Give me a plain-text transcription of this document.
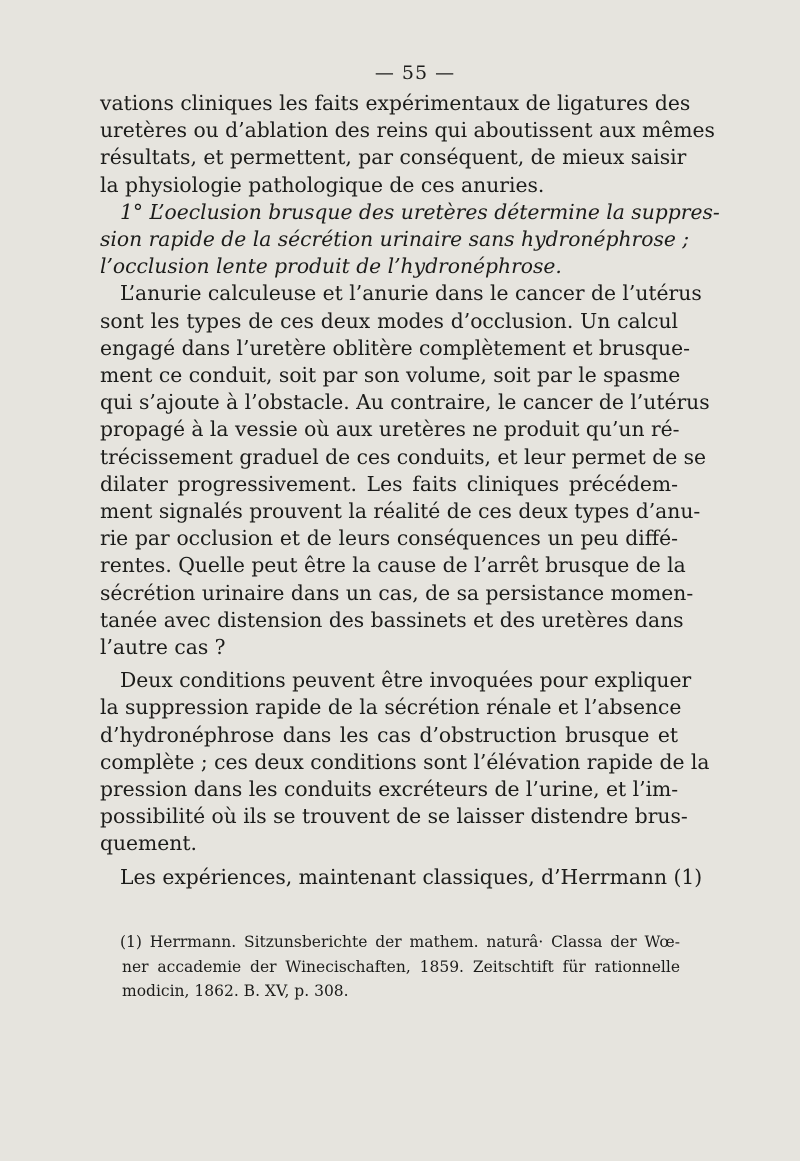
— 55 —
vations cliniques les faits expérimentaux de ligatures des
uretères ou d’ablation des reins qui aboutissent aux mêmes
résultats, et permettent, par conséquent, de mieux saisir
la physiologie pathologique de ces anuries.
1° L’oeclusion brusque des uretères détermine la suppres-
sion rapide de la sécrétion urinaire sans hydronéphrose ;
l’occlusion lente produit de l’hydronéphrose.
L’anurie calculeuse et l’anurie dans le cancer de l’utérus
sont les types de ces deux modes d’occlusion. Un calcul
engagé dans l’uretère oblitère complètement et brusque-
ment ce conduit, soit par son volume, soit par le spasme
qui s’ajoute à l’obstacle. Au contraire, le cancer de l’utérus
propagé à la vessie où aux uretères ne produit qu’un ré-
trécissement graduel de ces conduits, et leur permet de se
dilater progressivement. Les faits cliniques précédem-
ment signalés prouvent la réalité de ces deux types d’anu-
rie par occlusion et de leurs conséquences un peu diffé-
rentes. Quelle peut être la cause de l’arrêt brusque de la
sécrétion urinaire dans un cas, de sa persistance momen-
tanée avec distension des bassinets et des uretères dans
l’autre cas ?
Deux conditions peuvent être invoquées pour expliquer
la suppression rapide de la sécrétion rénale et l’absence
d’hydronéphrose dans les cas d’obstruction brusque et
complète ; ces deux conditions sont l’élévation rapide de la
pression dans les conduits excréteurs de l’urine, et l’im-
possibilité où ils se trouvent de se laisser distendre brus-
quement.
Les expériences, maintenant classiques, d’Herrmann (1)
(1) Herrmann. Sitzunsberichte der mathem. naturâ· Classa der Wœ-
ner accademie der Winecischaften, 1859. Zeitschtift für rationnelle
modicin, 1862. B. XV, p. 308.
